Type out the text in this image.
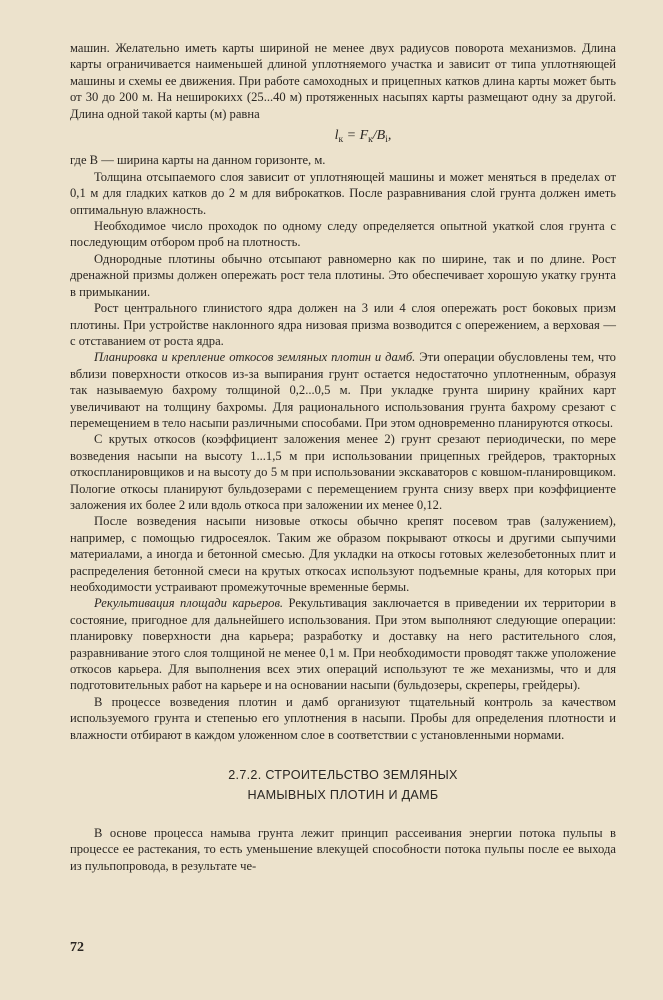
машин. Желательно иметь карты шириной не менее двух радиусов поворота механизмов. Длина карты ограничивается наименьшей длиной уплотняемого участка и зависит от типа уплотняющей машины и схемы ее движения. При работе самоходных и прицепных катков длина карты может быть от 30 до 200 м. На неширокихх (25...40 м) протяженных насыпях карты размещают одну за другой. Длина одной такой карты (м) равна

$l_к = F_к/B_i$,

где B — ширина карты на данном горизонте, м.

Толщина отсыпаемого слоя зависит от уплотняющей машины и может меняться в пределах от 0,1 м для гладких катков до 2 м для виброкатков. После разравнивания слой грунта должен иметь оптимальную влажность.

Необходимое число проходок по одному следу определяется опытной укаткой слоя грунта с последующим отбором проб на плотность.

Однородные плотины обычно отсыпают равномерно как по ширине, так и по длине. Рост дренажной призмы должен опережать рост тела плотины. Это обеспечивает хорошую укатку грунта в примыкании.

Рост центрального глинистого ядра должен на 3 или 4 слоя опережать рост боковых призм плотины. При устройстве наклонного ядра низовая призма возводится с опережением, а верховая — с отставанием от роста ядра.

Планировка и крепление откосов земляных плотин и дамб. Эти операции обусловлены тем, что вблизи поверхности откосов из-за выпирания грунт остается недостаточно уплотненным, образуя так называемую бахрому толщиной 0,2...0,5 м. При укладке грунта ширину крайних карт увеличивают на толщину бахромы. Для рационального использования грунта бахрому срезают с перемещением в тело насыпи различными способами. При этом одновременно планируются откосы.

С крутых откосов (коэффициент заложения менее 2) грунт срезают периодически, по мере возведения насыпи на высоту 1...1,5 м при использовании прицепных грейдеров, тракторных откоспланировщиков и на высоту до 5 м при использовании экскаваторов с ковшом-планировщиком. Пологие откосы планируют бульдозерами с перемещением грунта снизу вверх при коэффициенте заложения их более 2 или вдоль откоса при заложении их менее 0,12.

После возведения насыпи низовые откосы обычно крепят посевом трав (залужением), например, с помощью гидросеялок. Таким же образом покрывают откосы и другими сыпучими материалами, а иногда и бетонной смесью. Для укладки на откосы готовых железобетонных плит и распределения бетонной смеси на крутых откосах используют подъемные краны, для которых при необходимости устраивают промежуточные временные бермы.

Рекультивация площади карьеров. Рекультивация заключается в приведении их территории в состояние, пригодное для дальнейшего использования. При этом выполняют следующие операции: планировку поверхности дна карьера; разработку и доставку на него растительного слоя, разравнивание этого слоя толщиной не менее 0,1 м. При необходимости проводят также уположение откосов карьера. Для выполнения всех этих операций используют те же механизмы, что и для подготовительных работ на карьере и на основании насыпи (бульдозеры, скреперы, грейдеры).

В процессе возведения плотин и дамб организуют тщательный контроль за качеством используемого грунта и степенью его уплотнения в насыпи. Пробы для определения плотности и влажности отбирают в каждом уложенном слое в соответствии с установленными нормами.

2.7.2. СТРОИТЕЛЬСТВО ЗЕМЛЯНЫХ
НАМЫВНЫХ ПЛОТИН И ДАМБ

В основе процесса намыва грунта лежит принцип рассеивания энергии потока пульпы в процессе ее растекания, то есть уменьшение влекущей способности потока пульпы после ее выхода из пульпопровода, в результате че-

72
